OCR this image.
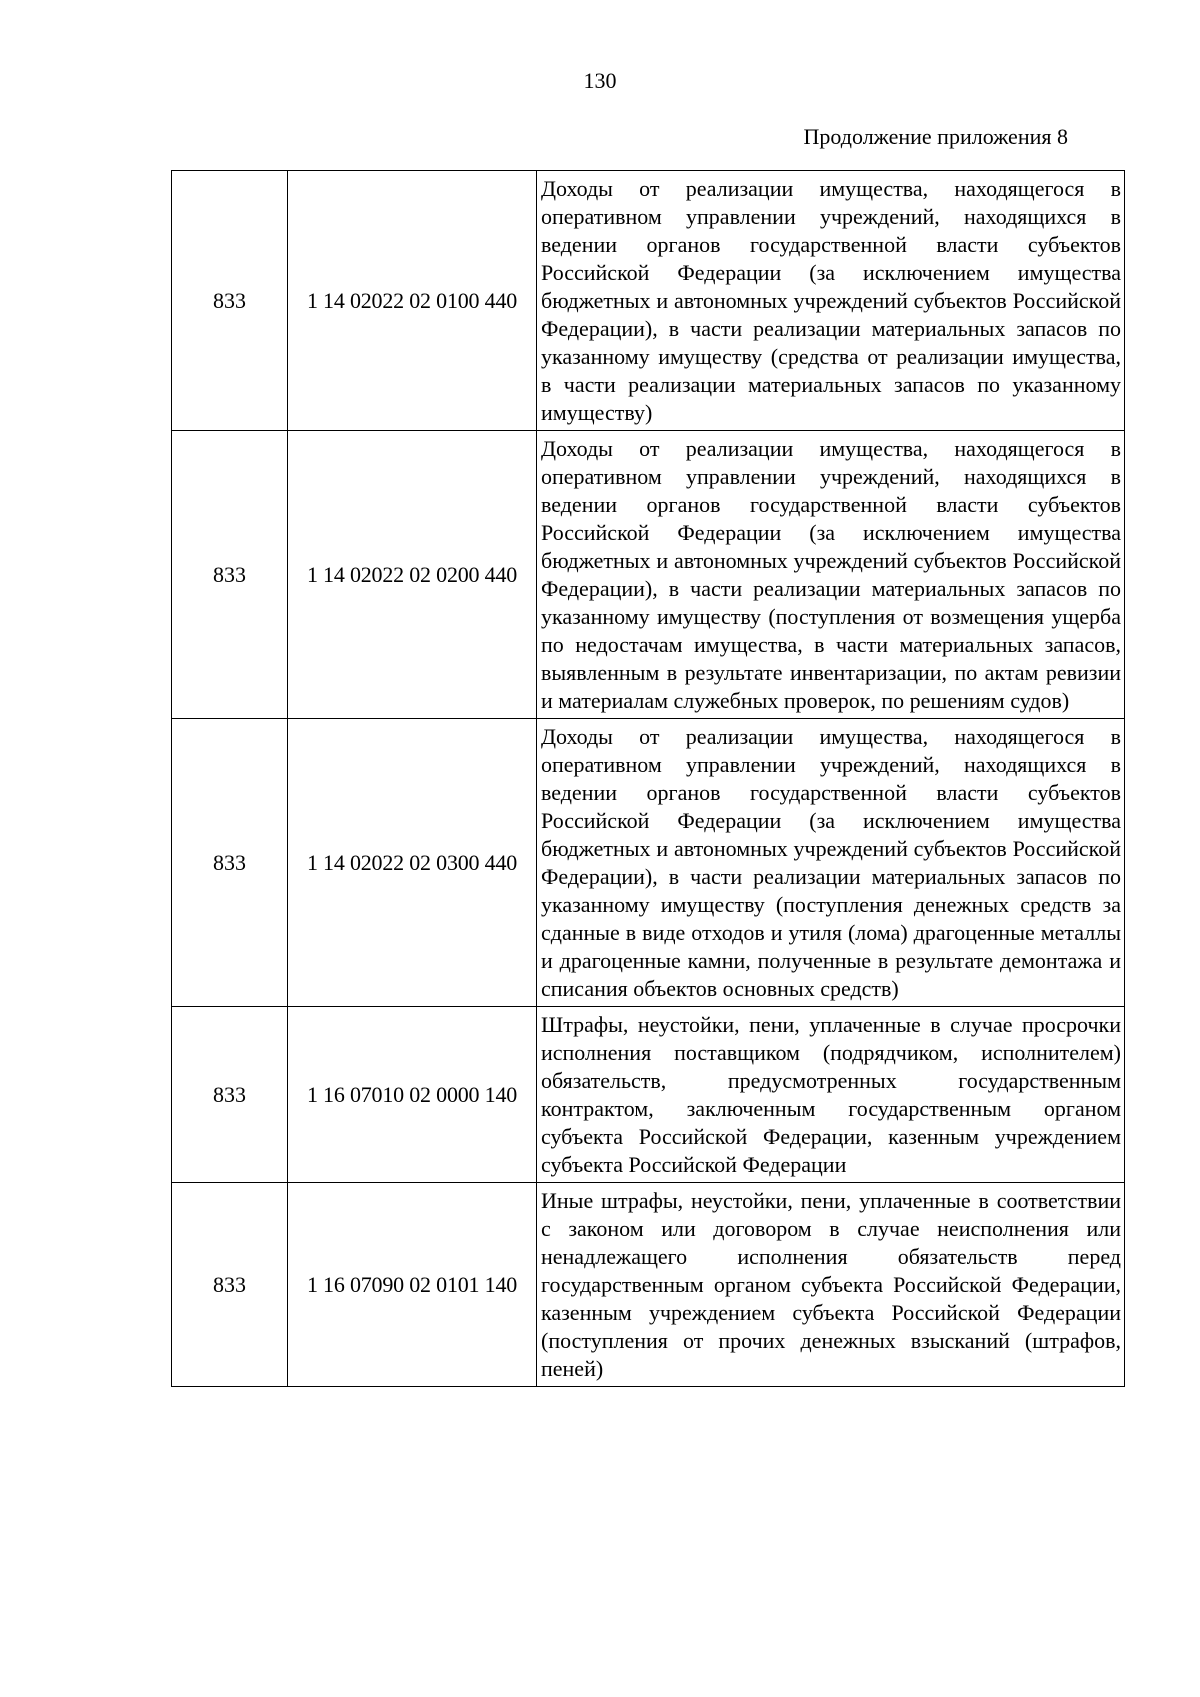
130
Продолжение приложения 8
833	1 14 02022 02 0100 440	Доходы от реализации имущества, находящегося в оперативном управлении учреждений, находящихся в ведении органов государственной власти субъектов Российской Федерации (за исключением имущества бюджетных и автономных учреждений субъектов Российской Федерации), в части реализации материальных запасов по указанному имуществу (средства от реализации имущества, в части реализации материальных запасов по указанному имуществу)
833	1 14 02022 02 0200 440	Доходы от реализации имущества, находящегося в оперативном управлении учреждений, находящихся в ведении органов государственной власти субъектов Российской Федерации (за исключением имущества бюджетных и автономных учреждений субъектов Российской Федерации), в части реализации материальных запасов по указанному имуществу (поступления от возмещения ущерба по недостачам имущества, в части материальных запасов, выявленным в результате инвентаризации, по актам ревизии и материалам служебных проверок, по решениям судов)
833	1 14 02022 02 0300 440	Доходы от реализации имущества, находящегося в оперативном управлении учреждений, находящихся в ведении органов государственной власти субъектов Российской Федерации (за исключением имущества бюджетных и автономных учреждений субъектов Российской Федерации), в части реализации материальных запасов по указанному имуществу (поступления денежных средств за сданные в виде отходов и утиля (лома) драгоценные металлы и драгоценные камни, полученные в результате демонтажа и списания объектов основных средств)
833	1 16 07010 02 0000 140	Штрафы, неустойки, пени, уплаченные в случае просрочки исполнения поставщиком (подрядчиком, исполнителем) обязательств, предусмотренных государственным контрактом, заключенным государственным органом субъекта Российской Федерации, казенным учреждением субъекта Российской Федерации
833	1 16 07090 02 0101 140	Иные штрафы, неустойки, пени, уплаченные в соответствии с законом или договором в случае неисполнения или ненадлежащего исполнения обязательств перед государственным органом субъекта Российской Федерации, казенным учреждением субъекта Российской Федерации (поступления от прочих денежных взысканий (штрафов, пеней)
